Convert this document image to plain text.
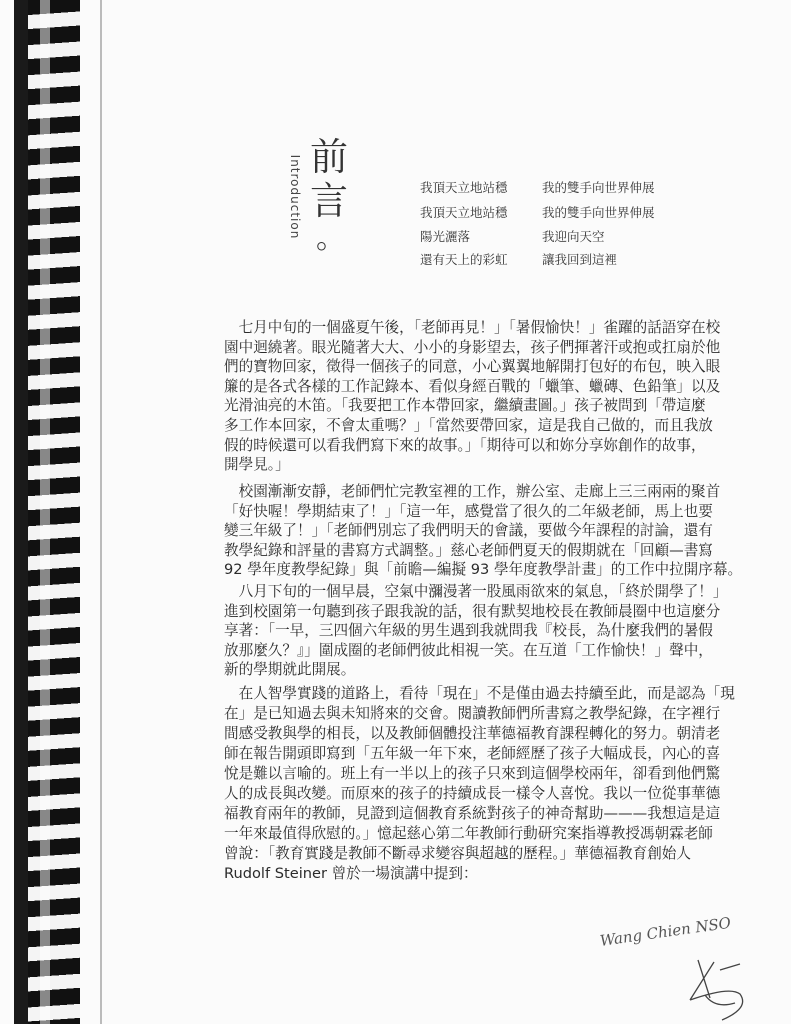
前
言
。
Introduction	我頂天立地站穩
我頂天立地站穩
陽光灑落
還有天上的彩虹
我的雙手向世界伸展
我的雙手向世界伸展
我迎向天空
讓我回到這裡
　七月中旬的一個盛夏午後，「老師再見！」「暑假愉快！」雀躍的話語穿在校
園中迴繞著。眼光隨著大大、小小的身影望去，孩子們揮著汗或抱或扛扇於他
們的寶物回家，徵得一個孩子的同意，小心翼翼地解開打包好的布包，映入眼
簾的是各式各樣的工作記錄本、看似身經百戰的「蠟筆、蠟磚、色鉛筆」以及
光滑油亮的木笛。「我要把工作本帶回家，繼續畫圖。」孩子被問到「帶這麼
多工作本回家，不會太重嗎？」「當然要帶回家，這是我自己做的，而且我放
假的時候還可以看我們寫下來的故事。」「期待可以和妳分享妳創作的故事，
開學見。」
　校園漸漸安靜，老師們忙完教室裡的工作，辦公室、走廊上三三兩兩的聚首
「好快喔！學期結束了！」「這一年，感覺當了很久的二年級老師，馬上也要
變三年級了！」「老師們別忘了我們明天的會議，要做今年課程的討論，還有
教學紀錄和評量的書寫方式調整。」慈心老師們夏天的假期就在「回顧—書寫
92 學年度教學紀錄」與「前瞻—編擬 93 學年度教學計畫」的工作中拉開序幕。
　八月下旬的一個早晨，空氣中瀰漫著一股風雨欲來的氣息，「終於開學了！」
進到校園第一句聽到孩子跟我說的話，很有默契地校長在教師晨圈中也這麼分
享著：「一早，三四個六年級的男生遇到我就問我『校長，為什麼我們的暑假
放那麼久？』」圍成圈的老師們彼此相視一笑。在互道「工作愉快！」聲中，
新的學期就此開展。
　在人智學實踐的道路上，看待「現在」不是僅由過去持續至此，而是認為「現
在」是已知過去與未知將來的交會。閱讀教師們所書寫之教學紀錄，在字裡行
間感受教與學的相長，以及教師個體投注華德福教育課程轉化的努力。朝清老
師在報告開頭即寫到「五年級一年下來，老師經歷了孩子大幅成長，內心的喜
悅是難以言喻的。班上有一半以上的孩子只來到這個學校兩年，卻看到他們驚
人的成長與改變。而原來的孩子的持續成長一樣令人喜悅。我以一位從事華德
福教育兩年的教師，見證到這個教育系統對孩子的神奇幫助———我想這是這
一年來最值得欣慰的。」憶起慈心第二年教師行動研究案指導教授馮朝霖老師
曾說：「教育實踐是教師不斷尋求變容與超越的歷程。」華德福教育創始人
Rudolf Steiner 曾於一場演講中提到：
Wang Chien NSO
